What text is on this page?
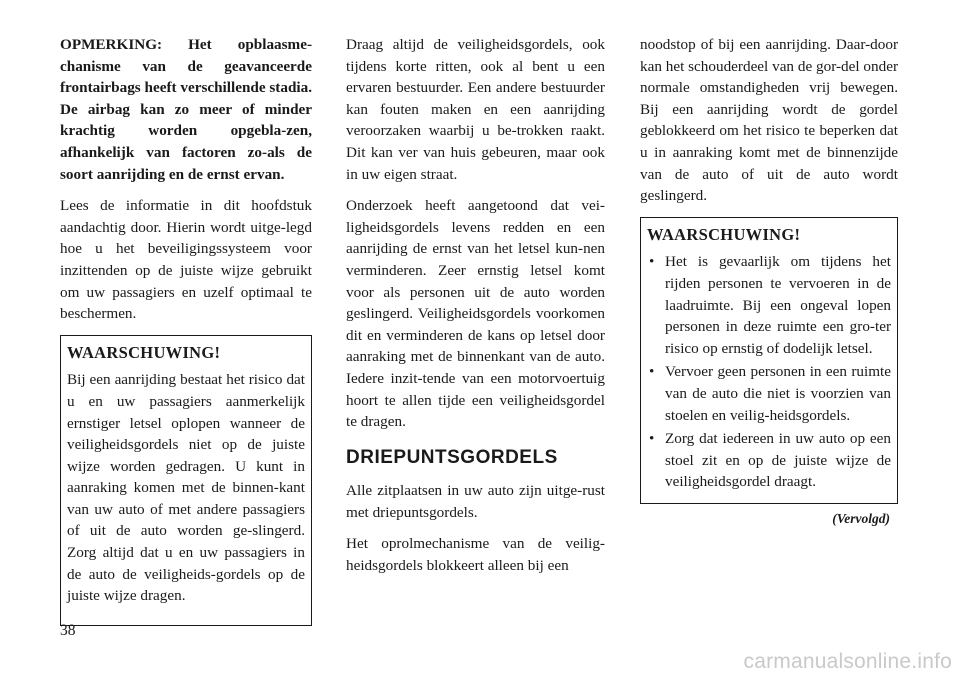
OPMERKING: Het opblaasme-chanisme van de geavanceerde frontairbags heeft verschillende stadia. De airbag kan zo meer of minder krachtig worden opgebla-zen, afhankelijk van factoren zo-als de soort aanrijding en de ernst ervan.

Lees de informatie in dit hoofdstuk aandachtig door. Hierin wordt uitge-legd hoe u het beveiligingssysteem voor inzittenden op de juiste wijze gebruikt om uw passagiers en uzelf optimaal te beschermen.

WAARSCHUWING!

Bij een aanrijding bestaat het risico dat u en uw passagiers aanmerkelijk ernstiger letsel oplopen wanneer de veiligheidsgordels niet op de juiste wijze worden gedragen. U kunt in aanraking komen met de binnen-kant van uw auto of met andere passagiers of uit de auto worden ge-slingerd. Zorg altijd dat u en uw passagiers in de auto de veiligheids-gordels op de juiste wijze dragen.

Draag altijd de veiligheidsgordels, ook tijdens korte ritten, ook al bent u een ervaren bestuurder. Een andere bestuurder kan fouten maken en een aanrijding veroorzaken waarbij u be-trokken raakt. Dit kan ver van huis gebeuren, maar ook in uw eigen straat.

Onderzoek heeft aangetoond dat vei-ligheidsgordels levens redden en een aanrijding de ernst van het letsel kun-nen verminderen. Zeer ernstig letsel komt voor als personen uit de auto worden geslingerd. Veiligheidsgordels voorkomen dit en verminderen de kans op letsel door aanraking met de binnenkant van de auto. Iedere inzit-tende van een motorvoertuig hoort te allen tijde een veiligheidsgordel te dragen.

DRIEPUNTSGORDELS

Alle zitplaatsen in uw auto zijn uitge-rust met driepuntsgordels.

Het oprolmechanisme van de veilig-heidsgordels blokkeert alleen bij een

noodstop of bij een aanrijding. Daar-door kan het schouderdeel van de gor-del onder normale omstandigheden vrij bewegen. Bij een aanrijding wordt de gordel geblokkeerd om het risico te beperken dat u in aanraking komt met de binnenzijde van de auto of uit de auto wordt geslingerd.

WAARSCHUWING!
• Het is gevaarlijk om tijdens het rijden personen te vervoeren in de laadruimte. Bij een ongeval lopen personen in deze ruimte een gro-ter risico op ernstig of dodelijk letsel.
• Vervoer geen personen in een ruimte van de auto die niet is voorzien van stoelen en veilig-heidsgordels.
• Zorg dat iedereen in uw auto op een stoel zit en op de juiste wijze de veiligheidsgordel draagt.
(Vervolgd)
38
carmanualsonline.info
